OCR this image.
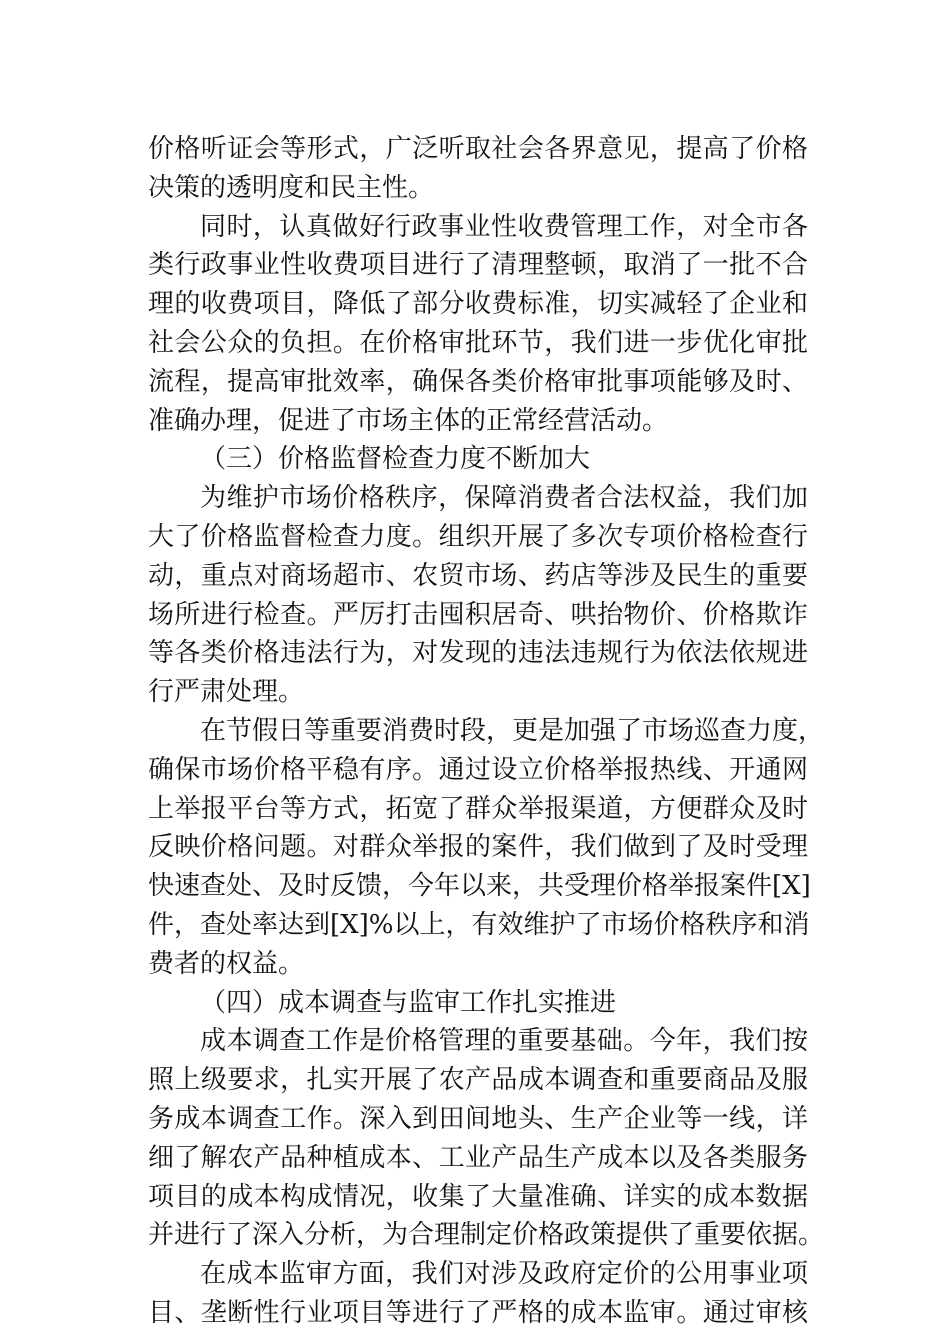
价格听证会等形式，广泛听取社会各界意见，提高了价格
决策的透明度和民主性。
同时，认真做好行政事业性收费管理工作，对全市各
类行政事业性收费项目进行了清理整顿，取消了一批不合
理的收费项目，降低了部分收费标准，切实减轻了企业和
社会公众的负担。在价格审批环节，我们进一步优化审批
流程，提高审批效率，确保各类价格审批事项能够及时、
准确办理，促进了市场主体的正常经营活动。
（三）价格监督检查力度不断加大
为维护市场价格秩序，保障消费者合法权益，我们加
大了价格监督检查力度。组织开展了多次专项价格检查行
动，重点对商场超市、农贸市场、药店等涉及民生的重要
场所进行检查。严厉打击囤积居奇、哄抬物价、价格欺诈
等各类价格违法行为，对发现的违法违规行为依法依规进
行严肃处理。
在节假日等重要消费时段，更是加强了市场巡查力度，
确保市场价格平稳有序。通过设立价格举报热线、开通网
上举报平台等方式，拓宽了群众举报渠道，方便群众及时
反映价格问题。对群众举报的案件，我们做到了及时受理
快速查处、及时反馈，今年以来，共受理价格举报案件[X]
件，查处率达到[X]%以上，有效维护了市场价格秩序和消
费者的权益。
（四）成本调查与监审工作扎实推进
成本调查工作是价格管理的重要基础。今年，我们按
照上级要求，扎实开展了农产品成本调查和重要商品及服
务成本调查工作。深入到田间地头、生产企业等一线，详
细了解农产品种植成本、工业产品生产成本以及各类服务
项目的成本构成情况，收集了大量准确、详实的成本数据
并进行了深入分析，为合理制定价格政策提供了重要依据。
在成本监审方面，我们对涉及政府定价的公用事业项
目、垄断性行业项目等进行了严格的成本监审。通过审核
